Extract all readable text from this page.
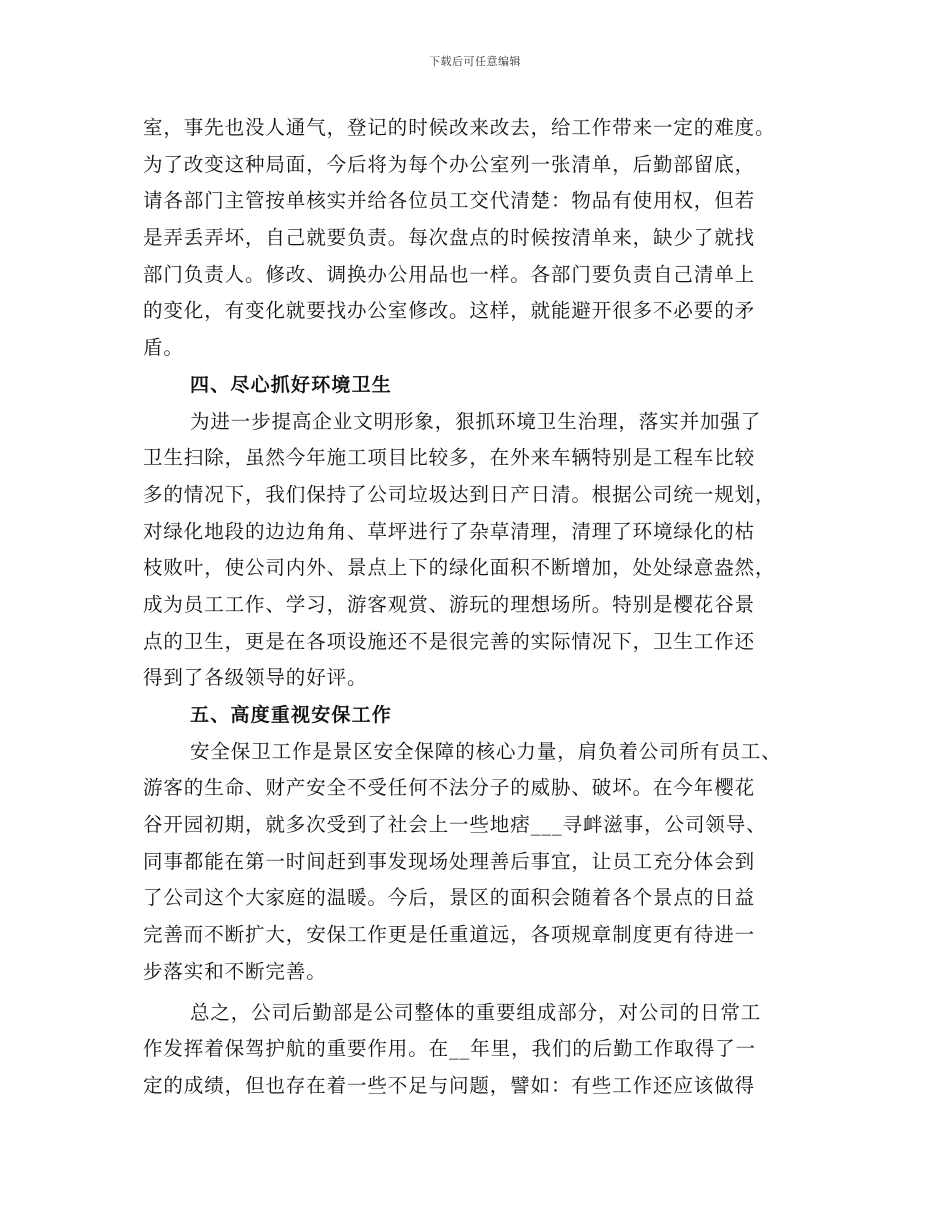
下载后可任意编辑
室，事先也没人通气，登记的时候改来改去，给工作带来一定的难度。
为了改变这种局面，今后将为每个办公室列一张清单，后勤部留底，
请各部门主管按单核实并给各位员工交代清楚：物品有使用权，但若
是弄丢弄坏，自己就要负责。每次盘点的时候按清单来，缺少了就找
部门负责人。修改、调换办公用品也一样。各部门要负责自己清单上
的变化，有变化就要找办公室修改。这样，就能避开很多不必要的矛
盾。
四、尽心抓好环境卫生
为进一步提高企业文明形象，狠抓环境卫生治理，落实并加强了
卫生扫除，虽然今年施工项目比较多，在外来车辆特别是工程车比较
多的情况下，我们保持了公司垃圾达到日产日清。根据公司统一规划，
对绿化地段的边边角角、草坪进行了杂草清理，清理了环境绿化的枯
枝败叶，使公司内外、景点上下的绿化面积不断增加，处处绿意盎然，
成为员工工作、学习，游客观赏、游玩的理想场所。特别是樱花谷景
点的卫生，更是在各项设施还不是很完善的实际情况下，卫生工作还
得到了各级领导的好评。
五、高度重视安保工作
安全保卫工作是景区安全保障的核心力量，肩负着公司所有员工、
游客的生命、财产安全不受任何不法分子的威胁、破坏。在今年樱花
谷开园初期，就多次受到了社会上一些地痞___寻衅滋事，公司领导、
同事都能在第一时间赶到事发现场处理善后事宜，让员工充分体会到
了公司这个大家庭的温暖。今后，景区的面积会随着各个景点的日益
完善而不断扩大，安保工作更是任重道远，各项规章制度更有待进一
步落实和不断完善。
总之，公司后勤部是公司整体的重要组成部分，对公司的日常工
作发挥着保驾护航的重要作用。在__年里，我们的后勤工作取得了一
定的成绩，但也存在着一些不足与问题，譬如：有些工作还应该做得
